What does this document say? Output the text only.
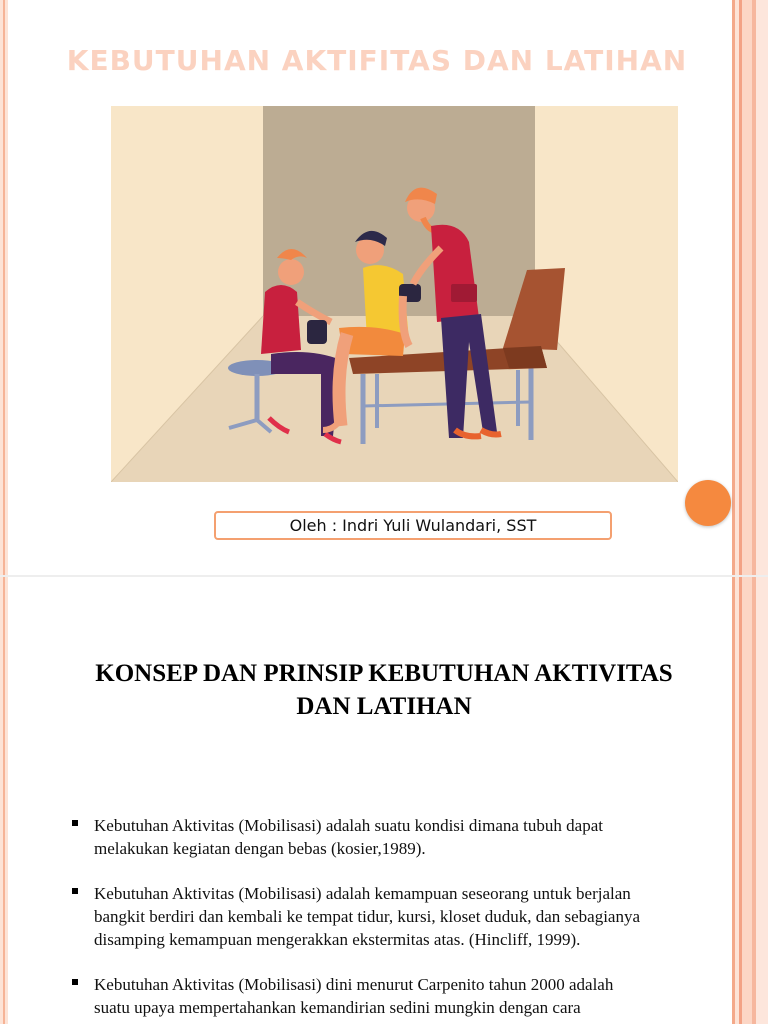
KEBUTUHAN AKTIFITAS DAN LATIHAN
Oleh : Indri Yuli Wulandari, SST
KONSEP DAN PRINSIP KEBUTUHAN AKTIVITAS
DAN LATIHAN
Kebutuhan Aktivitas (Mobilisasi) adalah suatu kondisi dimana tubuh dapat
melakukan kegiatan dengan bebas (kosier,1989).
Kebutuhan Aktivitas (Mobilisasi) adalah kemampuan seseorang untuk berjalan
bangkit berdiri dan kembali ke tempat tidur, kursi, kloset duduk, dan sebagianya
disamping kemampuan mengerakkan ekstermitas atas. (Hincliff, 1999).
Kebutuhan Aktivitas (Mobilisasi) dini menurut Carpenito tahun 2000 adalah
suatu upaya mempertahankan kemandirian sedini mungkin dengan cara
